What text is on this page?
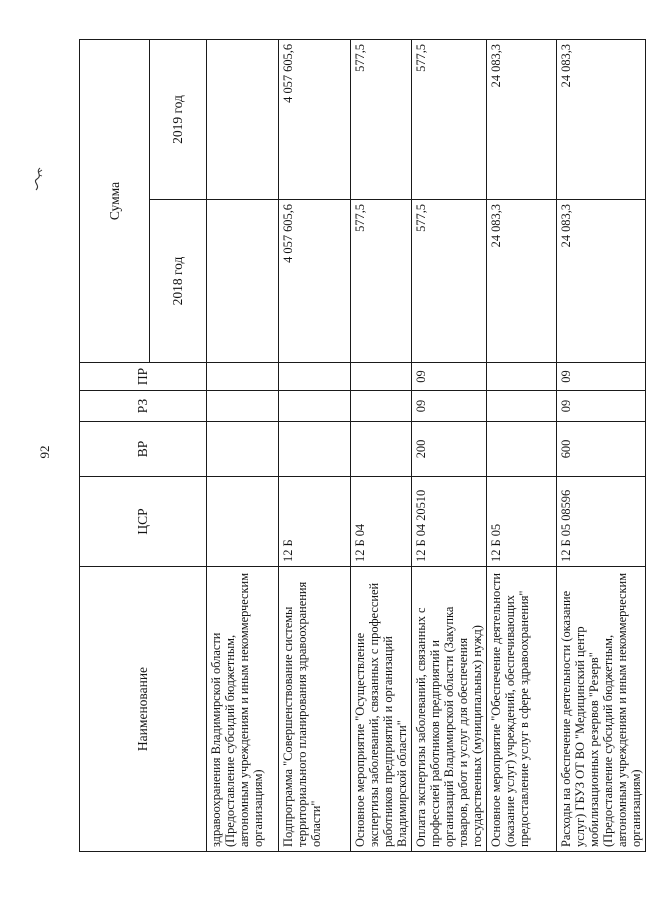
92
Наименование	ЦСР	ВР	РЗ	ПР	Сумма	
					2018 год	2019 год
здравоохранения Владимирской области (Предоставление субсидий бюджетным, автономным учреждениям и иным некоммерческим организациям)						
Подпрограмма "Совершенствование системы территориального планирования здравоохранения области"	12 Б				4 057 605,6	4 057 605,6
Основное мероприятие "Осуществление экспертизы заболеваний, связанных с профессией работников предприятий и организаций Владимирской области"	12 Б 04				577,5	577,5
Оплата экспертизы заболеваний, связанных с профессией работников предприятий и организаций Владимирской области (Закупка товаров, работ и услуг для обеспечения государственных (муниципальных) нужд)	12 Б 04 20510	200	09	09	577,5	577,5
Основное мероприятие "Обеспечение деятельности (оказание услуг) учреждений, обеспечивающих предоставление услуг в сфере здравоохранения"	12 Б 05				24 083,3	24 083,3
Расходы на обеспечение деятельности (оказание услуг) ГБУЗ ОТ ВО "Медицинский центр мобилизационных резервов "Резерв" (Предоставление субсидий бюджетным, автономным учреждениям и иным некоммерческим организациям)	12 Б 05 08596	600	09	09	24 083,3	24 083,3
